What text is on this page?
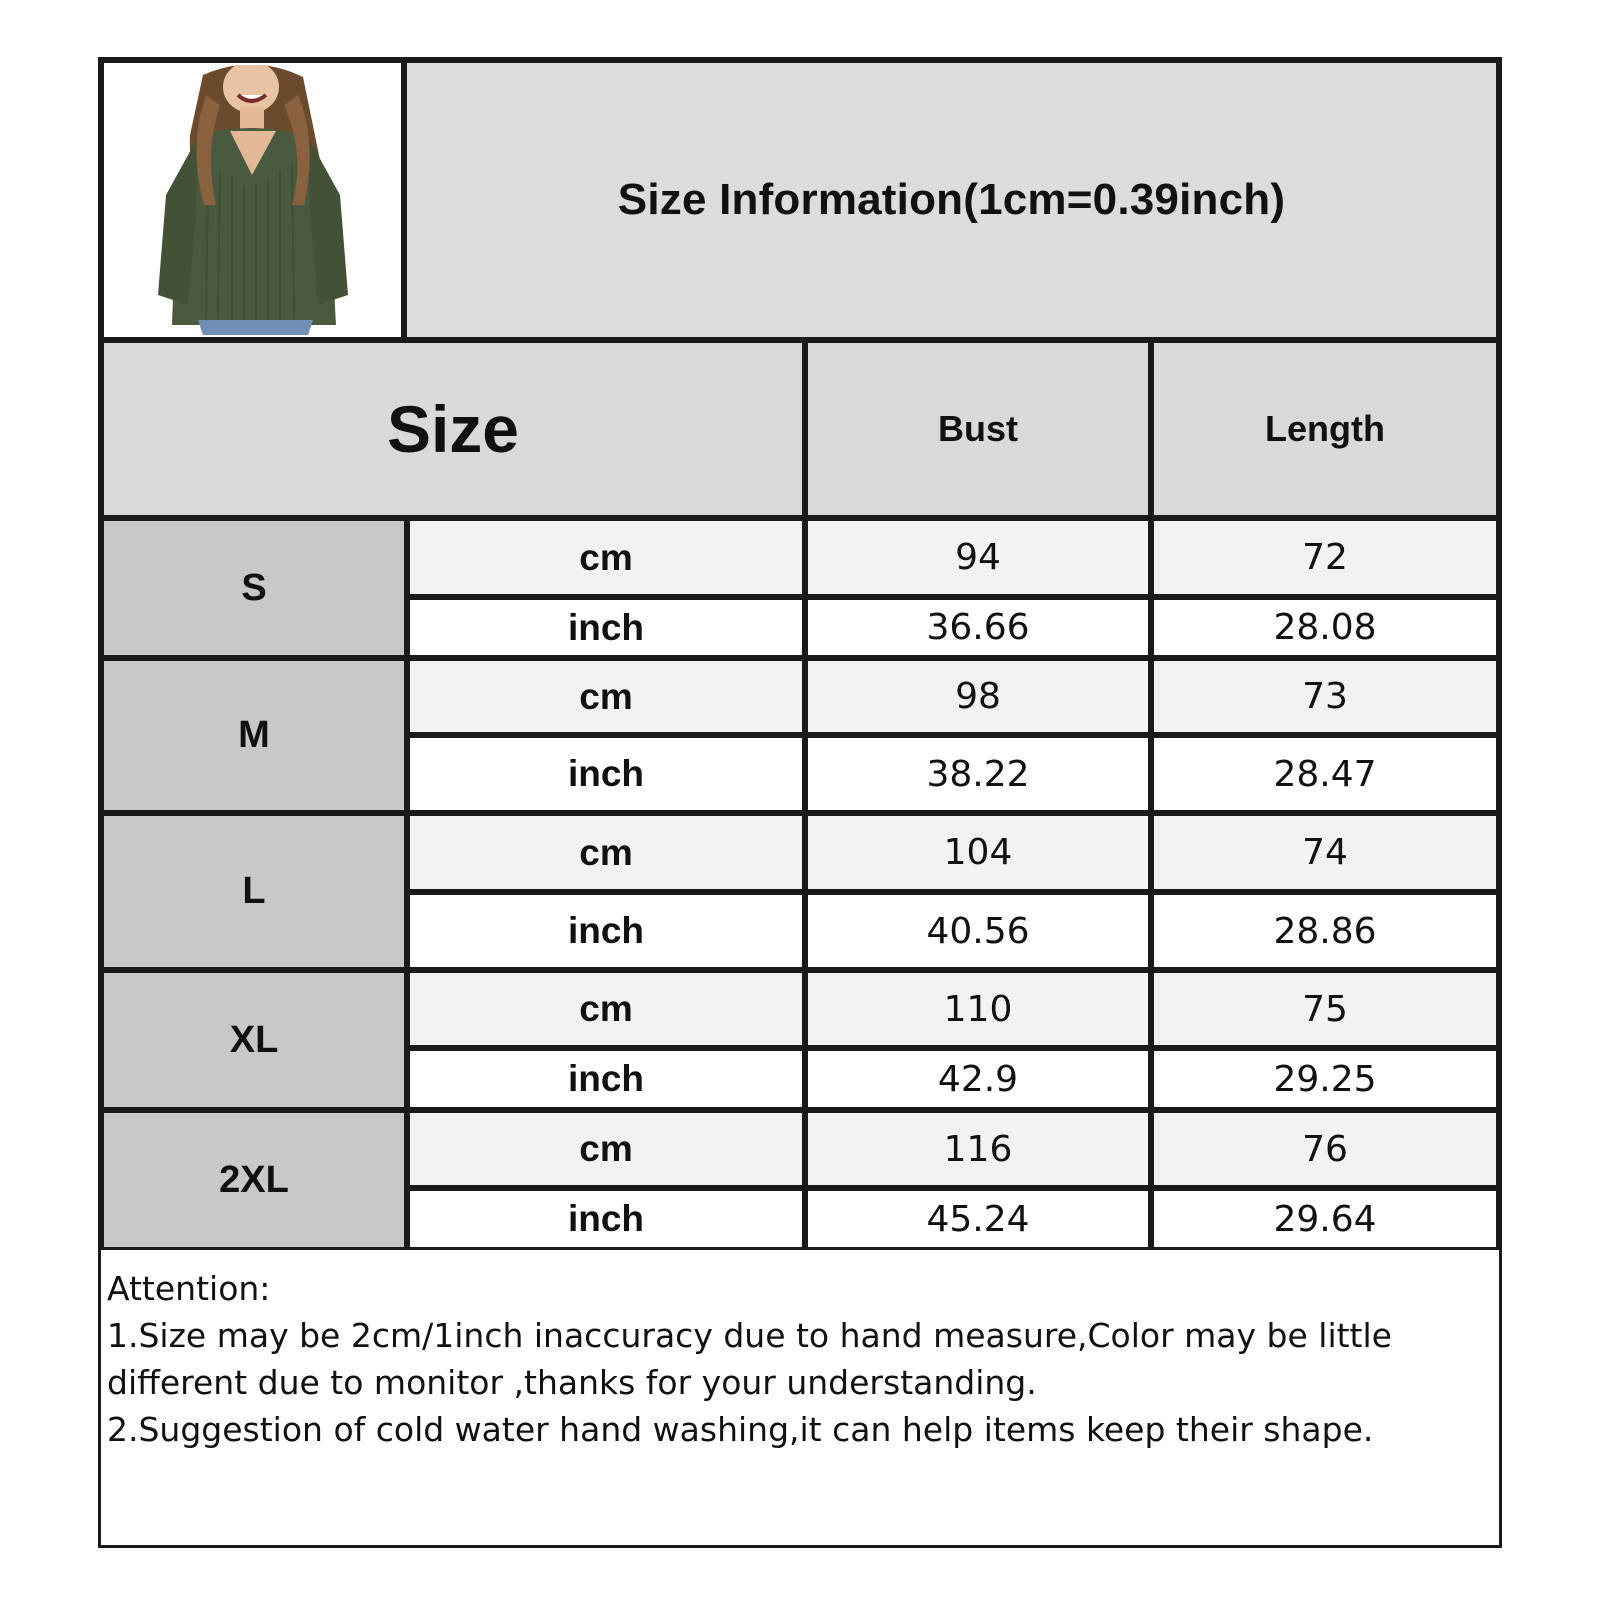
Size Information(1cm=0.39inch)
Size	Bust	Length
S
cm	94	72
inch	36.66	28.08
M
cm	98	73
inch	38.22	28.47
L
cm	104	74
inch	40.56	28.86
XL
cm	110	75
inch	42.9	29.25
2XL
cm	116	76
inch	45.24	29.64

Attention:

1.Size may be 2cm/1inch inaccuracy due to hand measure,Color may be little different due to monitor ,thanks for your understanding.

2.Suggestion of cold water hand washing,it can help items keep their shape.
